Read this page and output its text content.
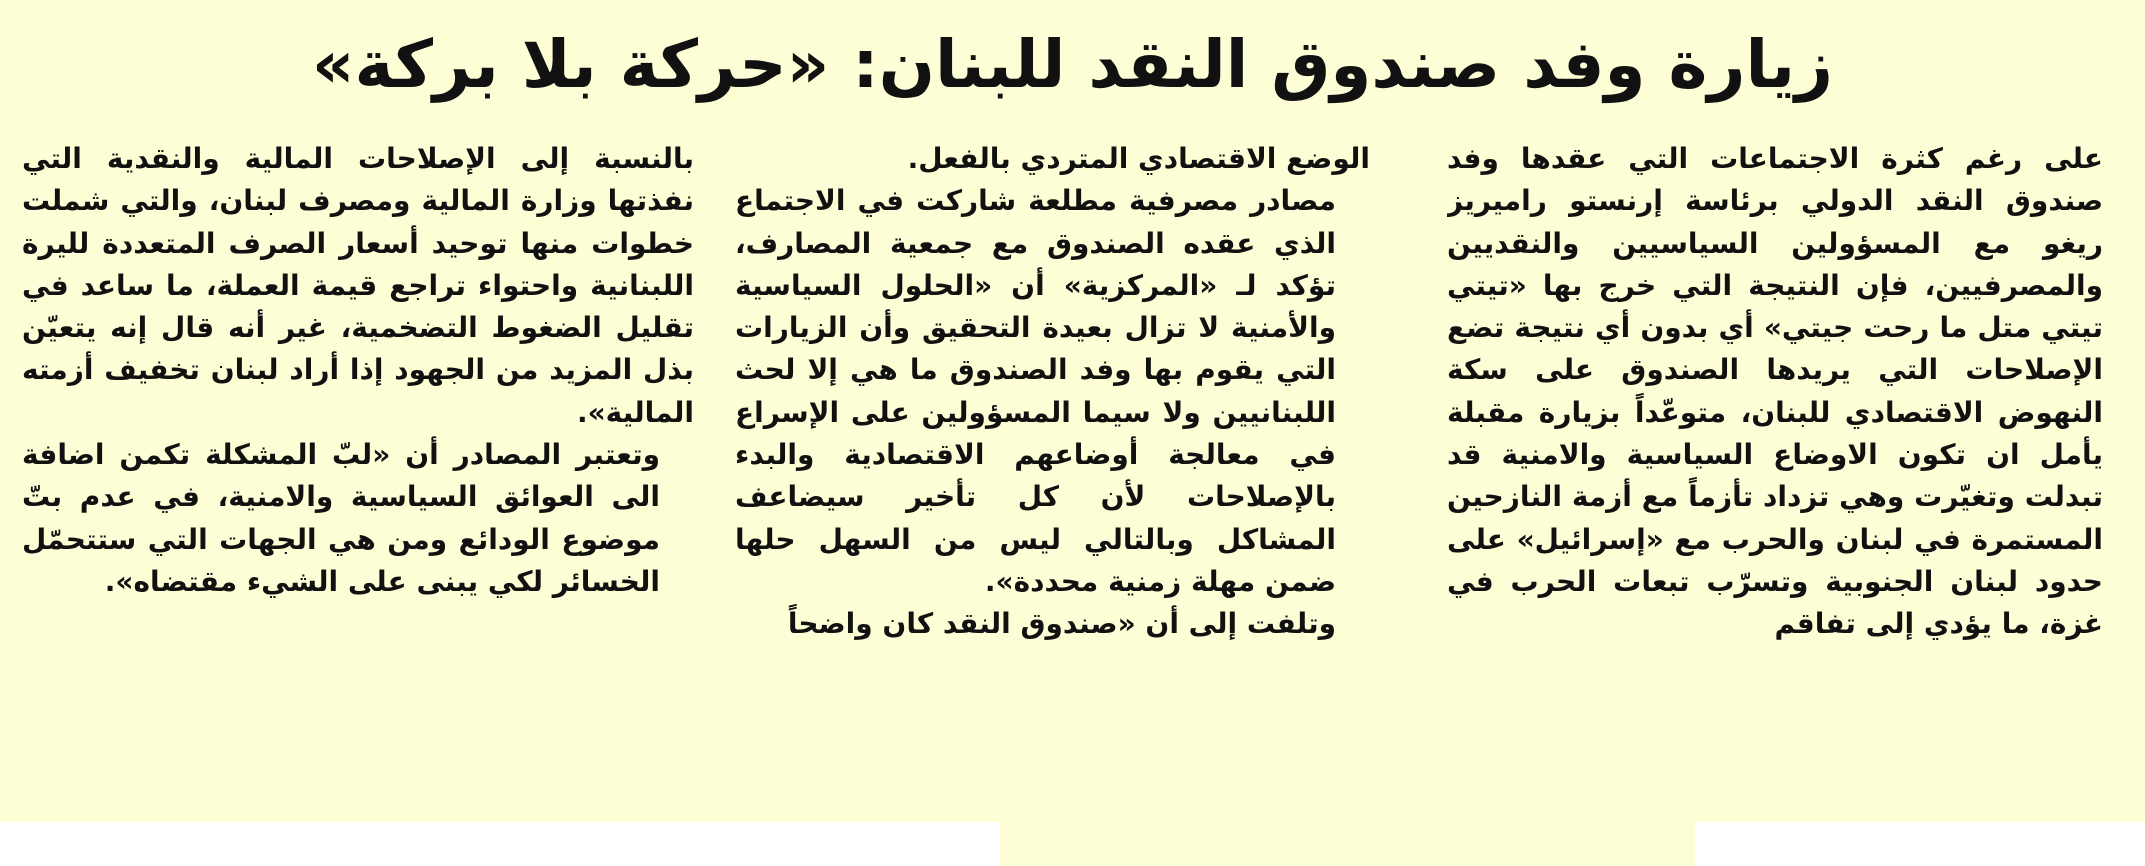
زيارة وفد صندوق النقد للبنان: «حركة بلا بركة»

على رغم كثرة الاجتماعات التي عقدها وفد صندوق النقد الدولي برئاسة إرنستو راميريز ريغو مع المسؤولين السياسيين والنقديين والمصرفيين، فإن النتيجة التي خرج بها «تيتي تيتي متل ما رحت جيتي» أي بدون أي نتيجة تضع الإصلاحات التي يريدها الصندوق على سكة النهوض الاقتصادي للبنان، متوعّداً بزيارة مقبلة يأمل ان تكون الاوضاع السياسية والامنية قد تبدلت وتغيّرت وهي تزداد تأزماً مع أزمة النازحين المستمرة في لبنان والحرب مع «إسرائيل» على حدود لبنان الجنوبية وتسرّب تبعات الحرب في غزة، ما يؤدي إلى تفاقم

الوضع الاقتصادي المتردي بالفعل.

مصادر مصرفية مطلعة شاركت في الاجتماع الذي عقده الصندوق مع جمعية المصارف، تؤكد لـ «المركزية» أن «الحلول السياسية والأمنية لا تزال بعيدة التحقيق وأن الزيارات التي يقوم بها وفد الصندوق ما هي إلا لحث اللبنانيين ولا سيما المسؤولين على الإسراع في معالجة أوضاعهم الاقتصادية والبدء بالإصلاحات لأن كل تأخير سيضاعف المشاكل وبالتالي ليس من السهل حلها ضمن مهلة زمنية محددة».

وتلفت إلى أن «صندوق النقد كان واضحاً

بالنسبة إلى الإصلاحات المالية والنقدية التي نفذتها وزارة المالية ومصرف لبنان، والتي شملت خطوات منها توحيد أسعار الصرف المتعددة لليرة اللبنانية واحتواء تراجع قيمة العملة، ما ساعد في تقليل الضغوط التضخمية، غير أنه قال إنه يتعيّن بذل المزيد من الجهود إذا أراد لبنان تخفيف أزمته المالية».

وتعتبر المصادر أن «لبّ المشكلة تكمن اضافة الى العوائق السياسية والامنية، في عدم بتّ موضوع الودائع ومن هي الجهات التي ستتحمّل الخسائر لكي يبنى على الشيء مقتضاه».
